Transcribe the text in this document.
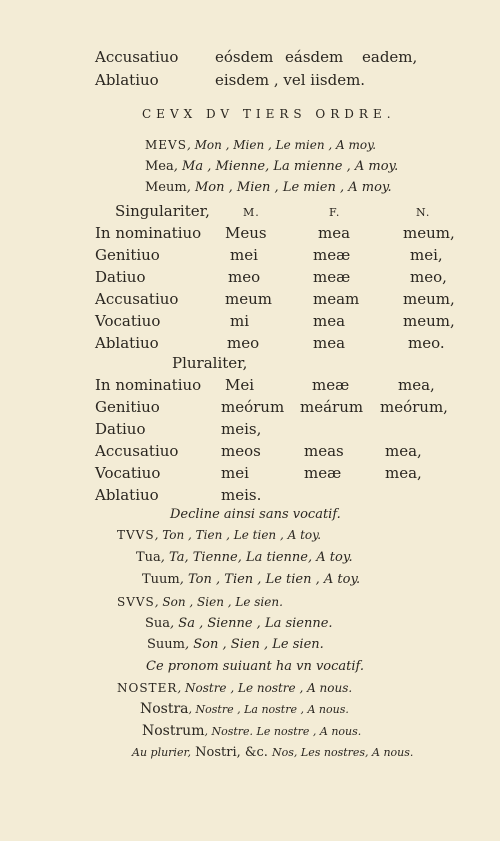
Accusatiuo eósdem eásdem eadem,
Ablatiuo	eisdem , vel iisdem.
CEVX DV TIERS ORDRE.
MEVS, Mon , Mien , Le mien , A moy.
Mea, Ma , Mienne, La mienne , A moy.
Meum, Mon , Mien , Le mien , A moy.
Singulariter,	M.	F.	N.
In nominatiuo Meus	mea	meum,
Genitiuo	mei	meæ	mei,
Datiuo	meo	meæ	meo,
Accusatiuo	meum	meam	meum,
Vocatiuo	mi	mea	meum,
Ablatiuo	meo	mea	meo.
Pluraliter,
In nominatiuo Mei	meæ	mea,
Genitiuo	meórum meárum meórum,
Datiuo	meis,
Accusatiuo	meos	meas	mea,
Vocatiuo	mei	meæ	mea,
Ablatiuo	meis.
Decline ainsi sans vocatif.
TVVS, Ton , Tien , Le tien , A toy.
Tua, Ta, Tienne, La tienne, A toy.
Tuum, Ton , Tien , Le tien , A toy.
SVVS, Son , Sien , Le sien.
Sua, Sa , Sienne , La sienne.
Suum, Son , Sien , Le sien.
Ce pronom suiuant ha vn vocatif.
NOSTER, Nostre , Le nostre , A nous.
Nostra, Nostre , La nostre , A nous.
Nostrum, Nostre. Le nostre , A nous.
Au plurier, Nostri, &c. Nos, Les nostres, A nous.
